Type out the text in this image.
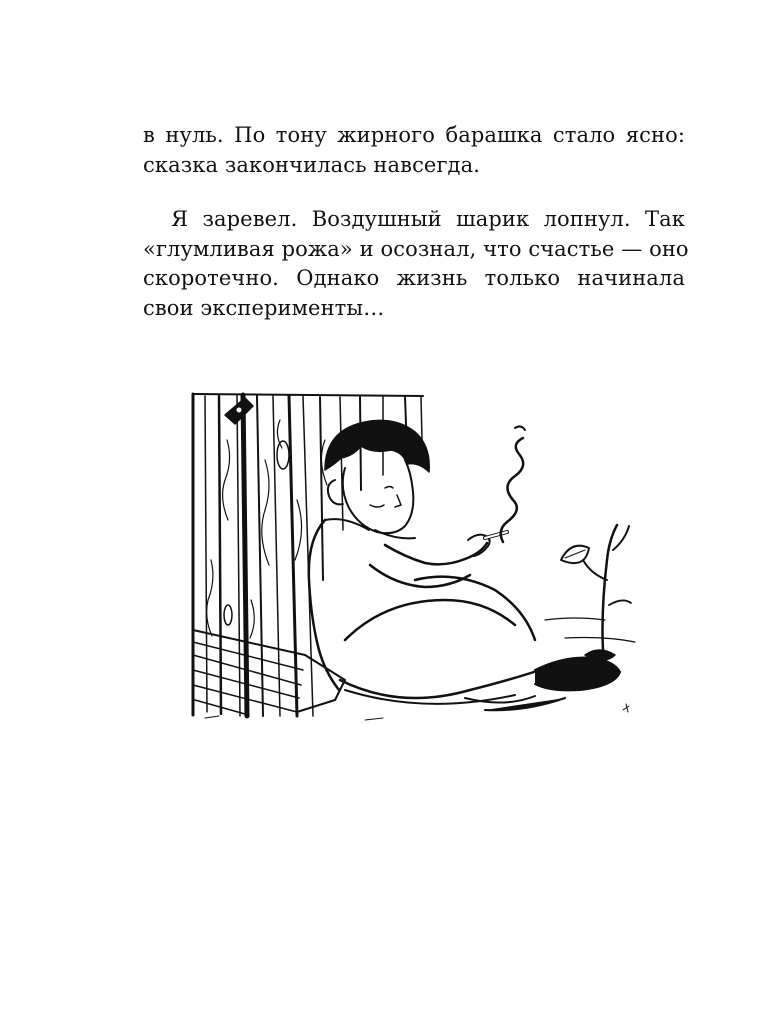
в нуль. По тону жирного барашка стало ясно:
сказка закончилась навсегда.
Я заревел. Воздушный шарик лопнул. Так
«глумливая рожа» и осознал, что счастье — оно
скоротечно. Однако жизнь только начинала
свои эксперименты…
